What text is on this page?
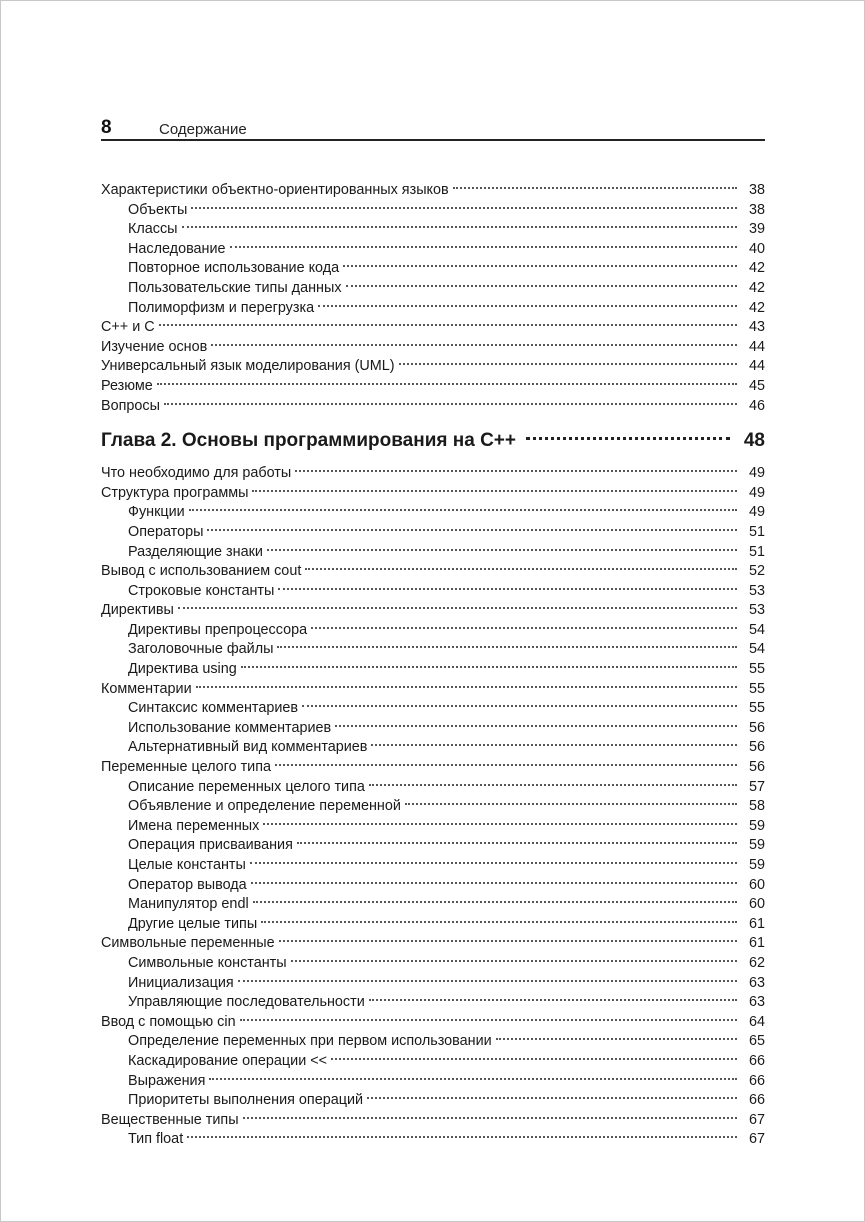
8	Содержание
Характеристики объектно-ориентированных языков	38
Объекты	38
Классы	39
Наследование	40
Повторное использование кода	42
Пользовательские типы данных	42
Полиморфизм и перегрузка	42
C++ и C	43
Изучение основ	44
Универсальный язык моделирования (UML)	44
Резюме	45
Вопросы	46
Глава 2. Основы программирования на C++	48
Что необходимо для работы	49
Структура программы	49
Функции	49
Операторы	51
Разделяющие знаки	51
Вывод с использованием cout	52
Строковые константы	53
Директивы	53
Директивы препроцессора	54
Заголовочные файлы	54
Директива using	55
Комментарии	55
Синтаксис комментариев	55
Использование комментариев	56
Альтернативный вид комментариев	56
Переменные целого типа	56
Описание переменных целого типа	57
Объявление и определение переменной	58
Имена переменных	59
Операция присваивания	59
Целые константы	59
Оператор вывода	60
Манипулятор endl	60
Другие целые типы	61
Символьные переменные	61
Символьные константы	62
Инициализация	63
Управляющие последовательности	63
Ввод с помощью cin	64
Определение переменных при первом использовании	65
Каскадирование операции <<	66
Выражения	66
Приоритеты выполнения операций	66
Вещественные типы	67
Тип float	67
